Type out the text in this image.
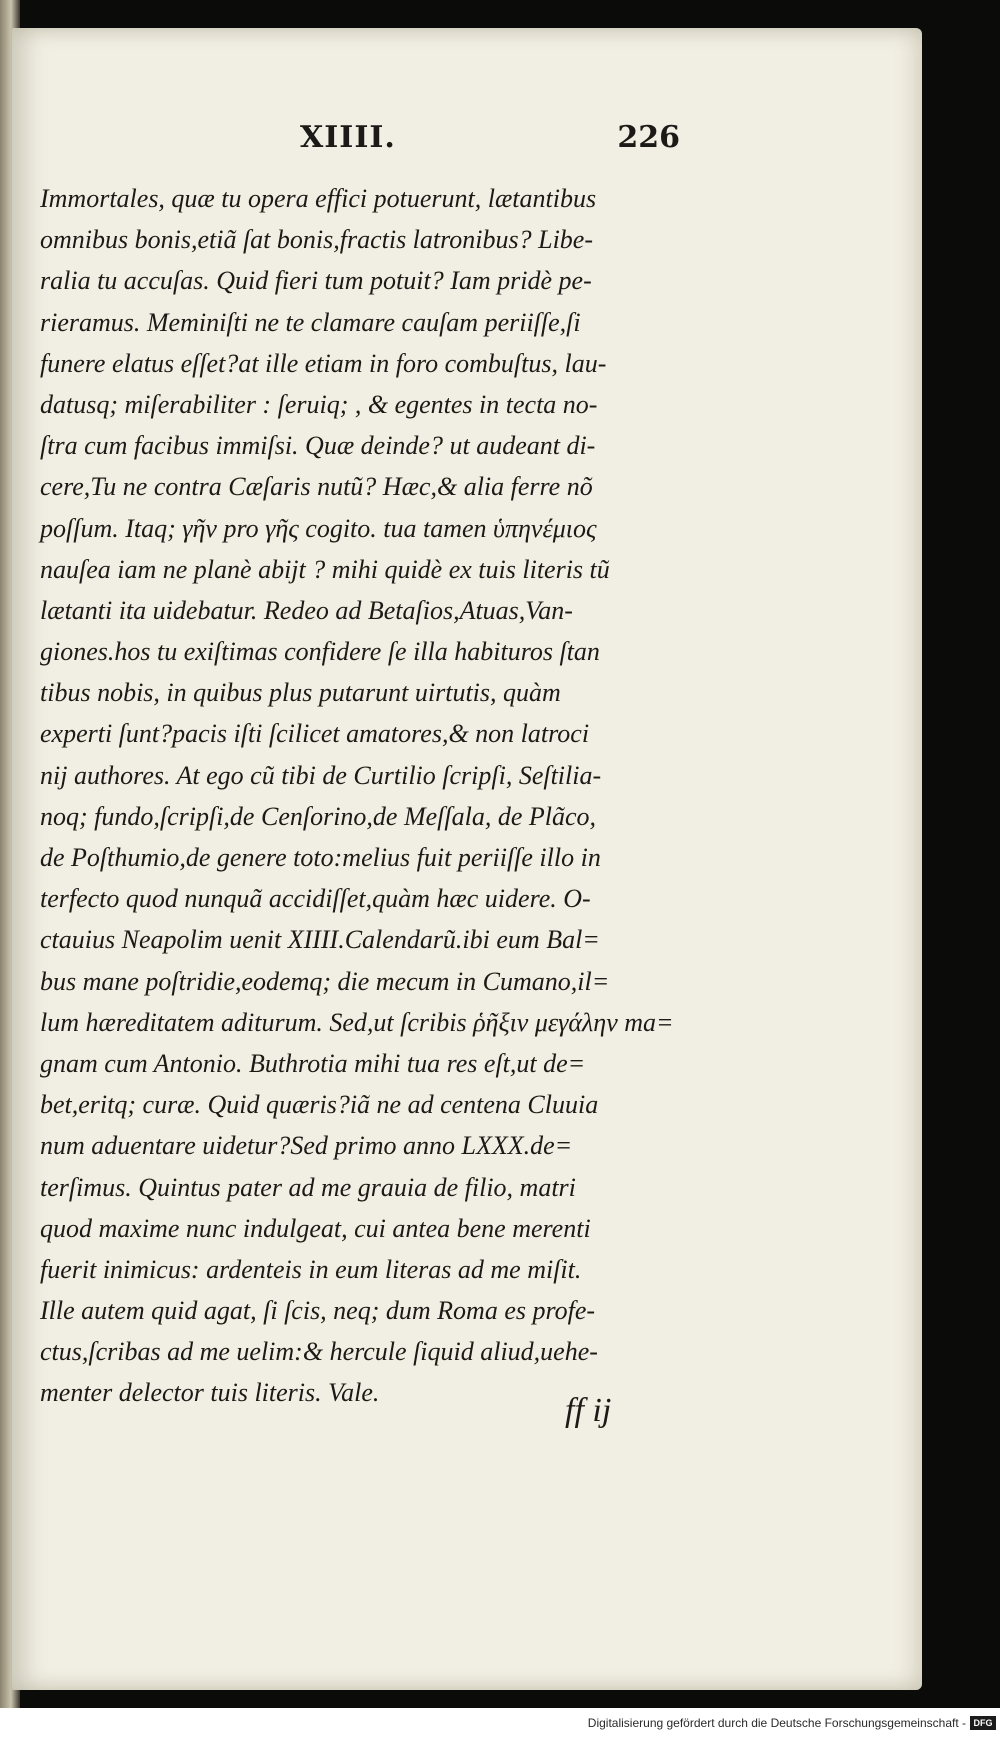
XIIII.	226
Immortales, quæ tu opera effici potuerunt, lætantibus
omnibus bonis,etiã ſat bonis,fractis latronibus? Libe-
ralia tu accuſas. Quid fieri tum potuit? Iam pridè pe-
rieramus. Meminiſti ne te clamare cauſam periiſſe,ſi
funere elatus eſſet?at ille etiam in foro combuſtus, lau-
datusq; miſerabiliter : ſeruiq; , & egentes in tecta no-
ſtra cum facibus immiſsi. Quæ deinde? ut audeant di-
cere,Tu ne contra Cæſaris nutũ? Hæc,& alia ferre nõ
poſſum. Itaq; γῆν pro γῆς cogito. tua tamen ὑπηνέμιος
nauſea iam ne planè abijt ? mihi quidè ex tuis literis tũ
lætanti ita uidebatur. Redeo ad Betaſios,Atuas,Van-
giones.hos tu exiſtimas confidere ſe illa habituros ſtan
tibus nobis, in quibus plus putarunt uirtutis, quàm
experti ſunt?pacis iſti ſcilicet amatores,& non latroci
nij authores. At ego cũ tibi de Curtilio ſcripſi, Seſtilia-
noq; fundo,ſcripſi,de Cenſorino,de Meſſala, de Plãco,
de Poſthumio,de genere toto:melius fuit periiſſe illo in
terfecto quod nunquã accidiſſet,quàm hæc uidere. O-
ctauius Neapolim uenit XIIII.Calendarũ.ibi eum Bal=
bus mane poſtridie,eodemq; die mecum in Cumano,il=
lum hæreditatem aditurum. Sed,ut ſcribis ῥῆξιν μεγάλην ma=
gnam cum Antonio. Buthrotia mihi tua res eſt,ut de=
bet,eritq; curæ. Quid quæris?iã ne ad centena Cluuia
num aduentare uidetur?Sed primo anno LXXX.de=
terſimus. Quintus pater ad me grauia de filio, matri
quod maxime nunc indulgeat, cui antea bene merenti
fuerit inimicus: ardenteis in eum literas ad me miſit.
Ille autem quid agat, ſi ſcis, neq; dum Roma es profe-
ctus,ſcribas ad me uelim:& hercule ſiquid aliud,uehe-
menter delector tuis literis. Vale.	ff ij
Digitalisierung gefördert durch die Deutsche Forschungsgemeinschaft - DFG
